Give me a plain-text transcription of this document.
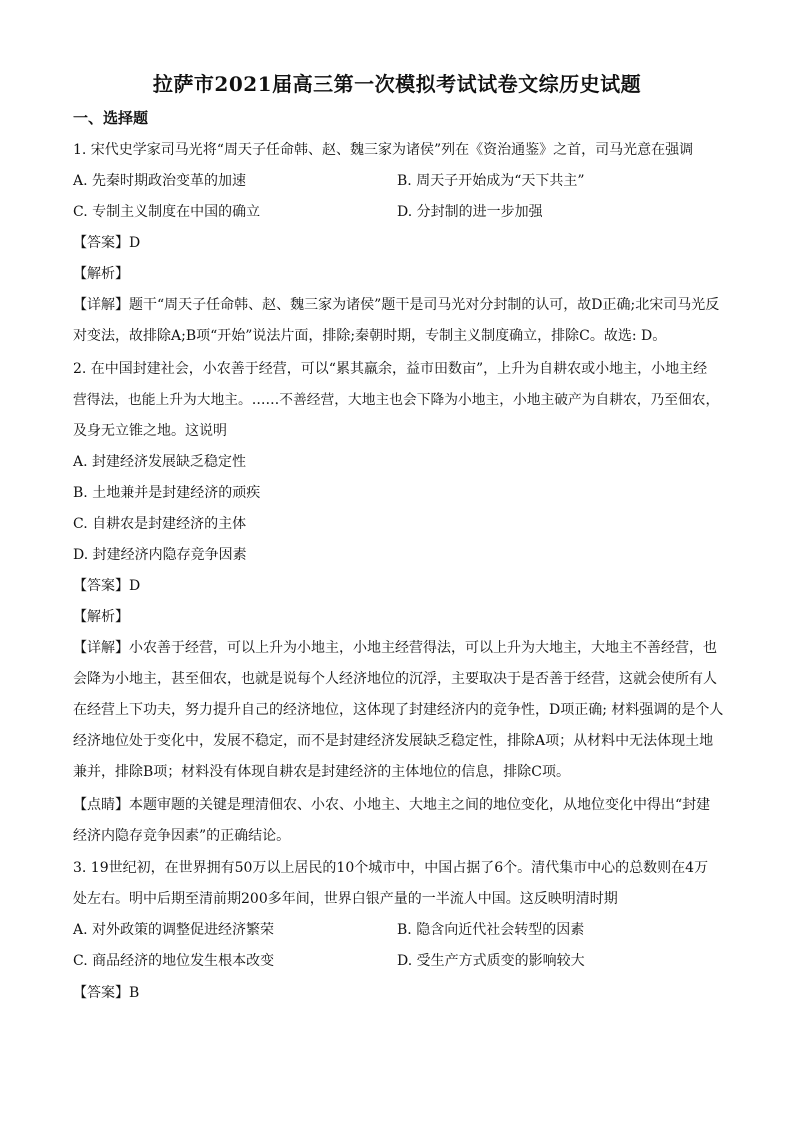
拉萨市2021届高三第一次模拟考试试卷文综历史试题
一、选择题
1. 宋代史学家司马光将“周天子任命韩、赵、魏三家为诸侯”列在《资治通鉴》之首，司马光意在强调
A. 先秦时期政治变革的加速	B. 周天子开始成为“天下共主”
C. 专制主义制度在中国的确立	D. 分封制的进一步加强
【答案】D
【解析】
【详解】题干“周天子任命韩、赵、魏三家为诸侯”题干是司马光对分封制的认可，故D正确;北宋司马光反
对变法，故排除A;B项“开始”说法片面，排除;秦朝时期，专制主义制度确立，排除C。故选: D。
2. 在中国封建社会，小农善于经营，可以“累其羸余，益市田数亩”，上升为自耕农或小地主，小地主经
营得法，也能上升为大地主。……不善经营，大地主也会下降为小地主，小地主破产为自耕农，乃至佃农，
及身无立锥之地。这说明
A. 封建经济发展缺乏稳定性
B. 土地兼并是封建经济的顽疾
C. 自耕农是封建经济的主体
D. 封建经济内隐存竞争因素
【答案】D
【解析】
【详解】小农善于经营，可以上升为小地主，小地主经营得法，可以上升为大地主，大地主不善经营，也
会降为小地主，甚至佃农，也就是说每个人经济地位的沉浮，主要取决于是否善于经营，这就会使所有人
在经营上下功夫，努力提升自己的经济地位，这体现了封建经济内的竞争性，D项正确; 材料强调的是个人
经济地位处于变化中，发展不稳定，而不是封建经济发展缺乏稳定性，排除A项；从材料中无法体现土地
兼并，排除B项；材料没有体现自耕农是封建经济的主体地位的信息，排除C项。
【点睛】本题审题的关键是理清佃农、小农、小地主、大地主之间的地位变化，从地位变化中得出“封建
经济内隐存竞争因素”的正确结论。
3. 19世纪初，在世界拥有50万以上居民的10个城市中，中国占据了6个。清代集市中心的总数则在4万
处左右。明中后期至清前期200多年间，世界白银产量的一半流人中国。这反映明清时期
A. 对外政策的调整促进经济繁荣	B. 隐含向近代社会转型的因素
C. 商品经济的地位发生根本改变	D. 受生产方式质变的影响较大
【答案】B
